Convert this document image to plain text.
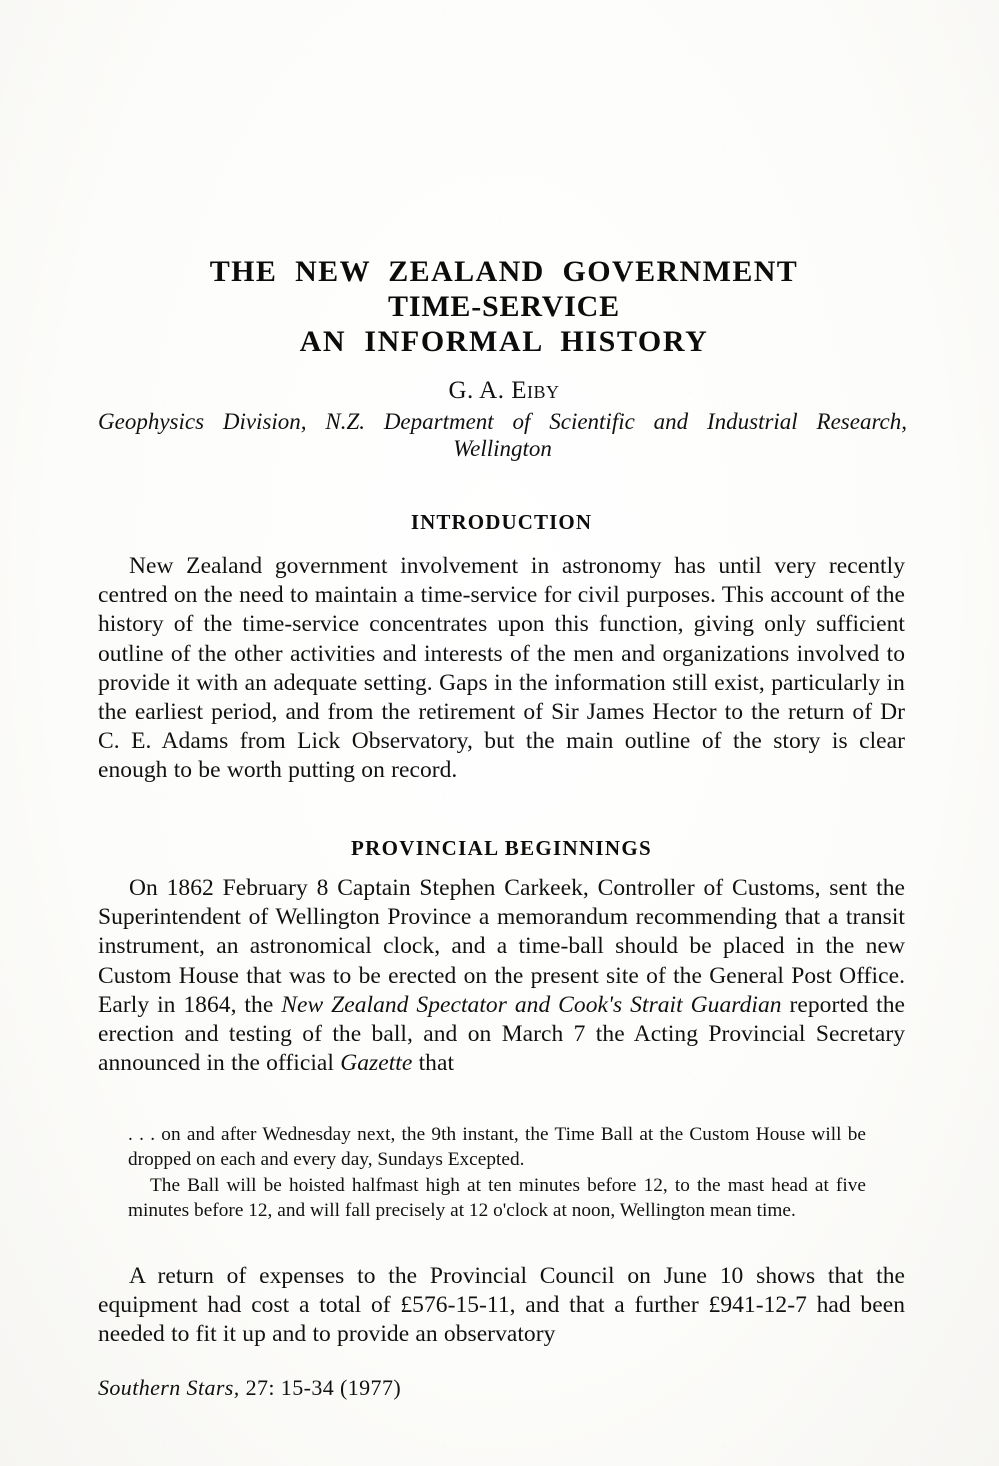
THE  NEW  ZEALAND  GOVERNMENT
TIME-SERVICE
AN  INFORMAL  HISTORY
G. A. Eiby
Geophysics Division, N.Z. Department of Scientific and Industrial Research,
Wellington
INTRODUCTION
New Zealand government involvement in astronomy has until very recently centred on the need to maintain a time-service for civil purposes. This account of the history of the time-service concentrates upon this function, giving only sufficient outline of the other activities and interests of the men and organizations involved to provide it with an adequate setting. Gaps in the information still exist, particularly in the earliest period, and from the retirement of Sir James Hector to the return of Dr C. E. Adams from Lick Observatory, but the main outline of the story is clear enough to be worth putting on record.
PROVINCIAL BEGINNINGS
On 1862 February 8 Captain Stephen Carkeek, Controller of Customs, sent the Superintendent of Wellington Province a memorandum recommending that a transit instrument, an astronomical clock, and a time-ball should be placed in the new Custom House that was to be erected on the present site of the General Post Office. Early in 1864, the New Zealand Spectator and Cook's Strait Guardian reported the erection and testing of the ball, and on March 7 the Acting Provincial Secretary announced in the official Gazette that

. . . on and after Wednesday next, the 9th instant, the Time Ball at the Custom House will be dropped on each and every day, Sundays Excepted.

The Ball will be hoisted halfmast high at ten minutes before 12, to the mast head at five minutes before 12, and will fall precisely at 12 o'clock at noon, Wellington mean time.

A return of expenses to the Provincial Council on June 10 shows that the equipment had cost a total of £576-15-11, and that a further £941-12-7 had been needed to fit it up and to provide an observatory
Southern Stars, 27: 15-34 (1977)
